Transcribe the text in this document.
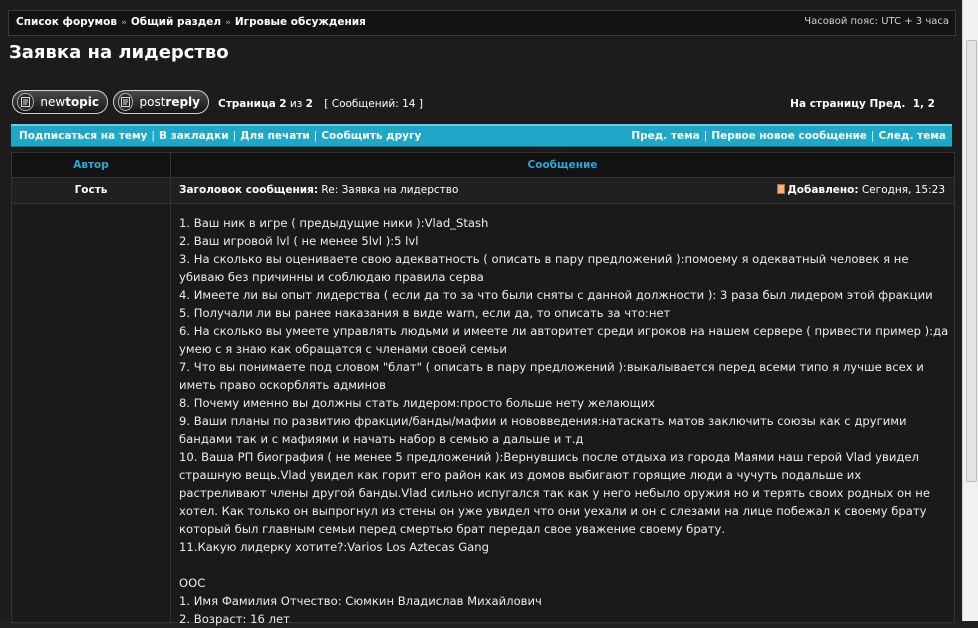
Список форумов » Общий раздел » Игровые обсуждения	Часовой пояс: UTC + 3 часа
Заявка на лидерство
new topic	post reply Страница 2 из 2 [ Сообщений: 14 ]	На страницу Пред. 1, 2
Подписаться на тему | В закладки | Для печати | Сообщить другу	Пред. тема | Первое новое сообщение | След. тема
Автор	Сообщение
Гость	Заголовок сообщения: Re: Заявка на лидерство	Добавлено: Сегодня, 15:23

1. Ваш ник в игре ( предыдущие ники ):Vlad_Stash

2. Ваш игровой lvl ( не менее 5lvl ):5 lvl

3. На сколько вы оцениваете свою адекватность ( описать в пару предложений ):помоему я одекватный человек я не убиваю без причинны и соблюдаю правила серва

4. Имеете ли вы опыт лидерства ( если да то за что были сняты с данной должности ): 3 раза был лидером этой фракции

5. Получали ли вы ранее наказания в виде warn, если да, то описать за что:нет

6. На сколько вы умеете управлять людьми и имеете ли авторитет среди игроков на нашем сервере ( привести пример ):да умею с я знаю как обращатся с членами своей семьи

7. Что вы понимаете под словом "блат" ( описать в пару предложений ):выкалывается перед всеми типо я лучше всех и иметь право оскорблять админов

8. Почему именно вы должны стать лидером:просто больше нету желающих

9. Ваши планы по развитию фракции/банды/мафии и нововведения:натаскать матов заключить союзы как с другими бандами так и с мафиями и начать набор в семью а дальше и т.д

10. Ваша РП биография ( не менее 5 предложений ):Вернувшись после отдыха из города Маями наш герой Vlad увидел страшную вещь.Vlad увидел как горит его район как из домов выбигают горящие люди а чучуть подальше их растреливают члены другой банды.Vlad сильно испугался так как у него небыло оружия но и терять своих родных он не хотел. Как только он выпрогнул из стены он уже увидел что они уехали и он с слезами на лице побежал к своему брату который был главным семьи перед смертью брат передал свое уважение своему брату.

11.Какую лидерку хотите?:Varios Los Aztecas Gang

OOC

1. Имя Фамилия Отчество: Сюмкин Владислав Михайлович

2. Возраст: 16 лет
